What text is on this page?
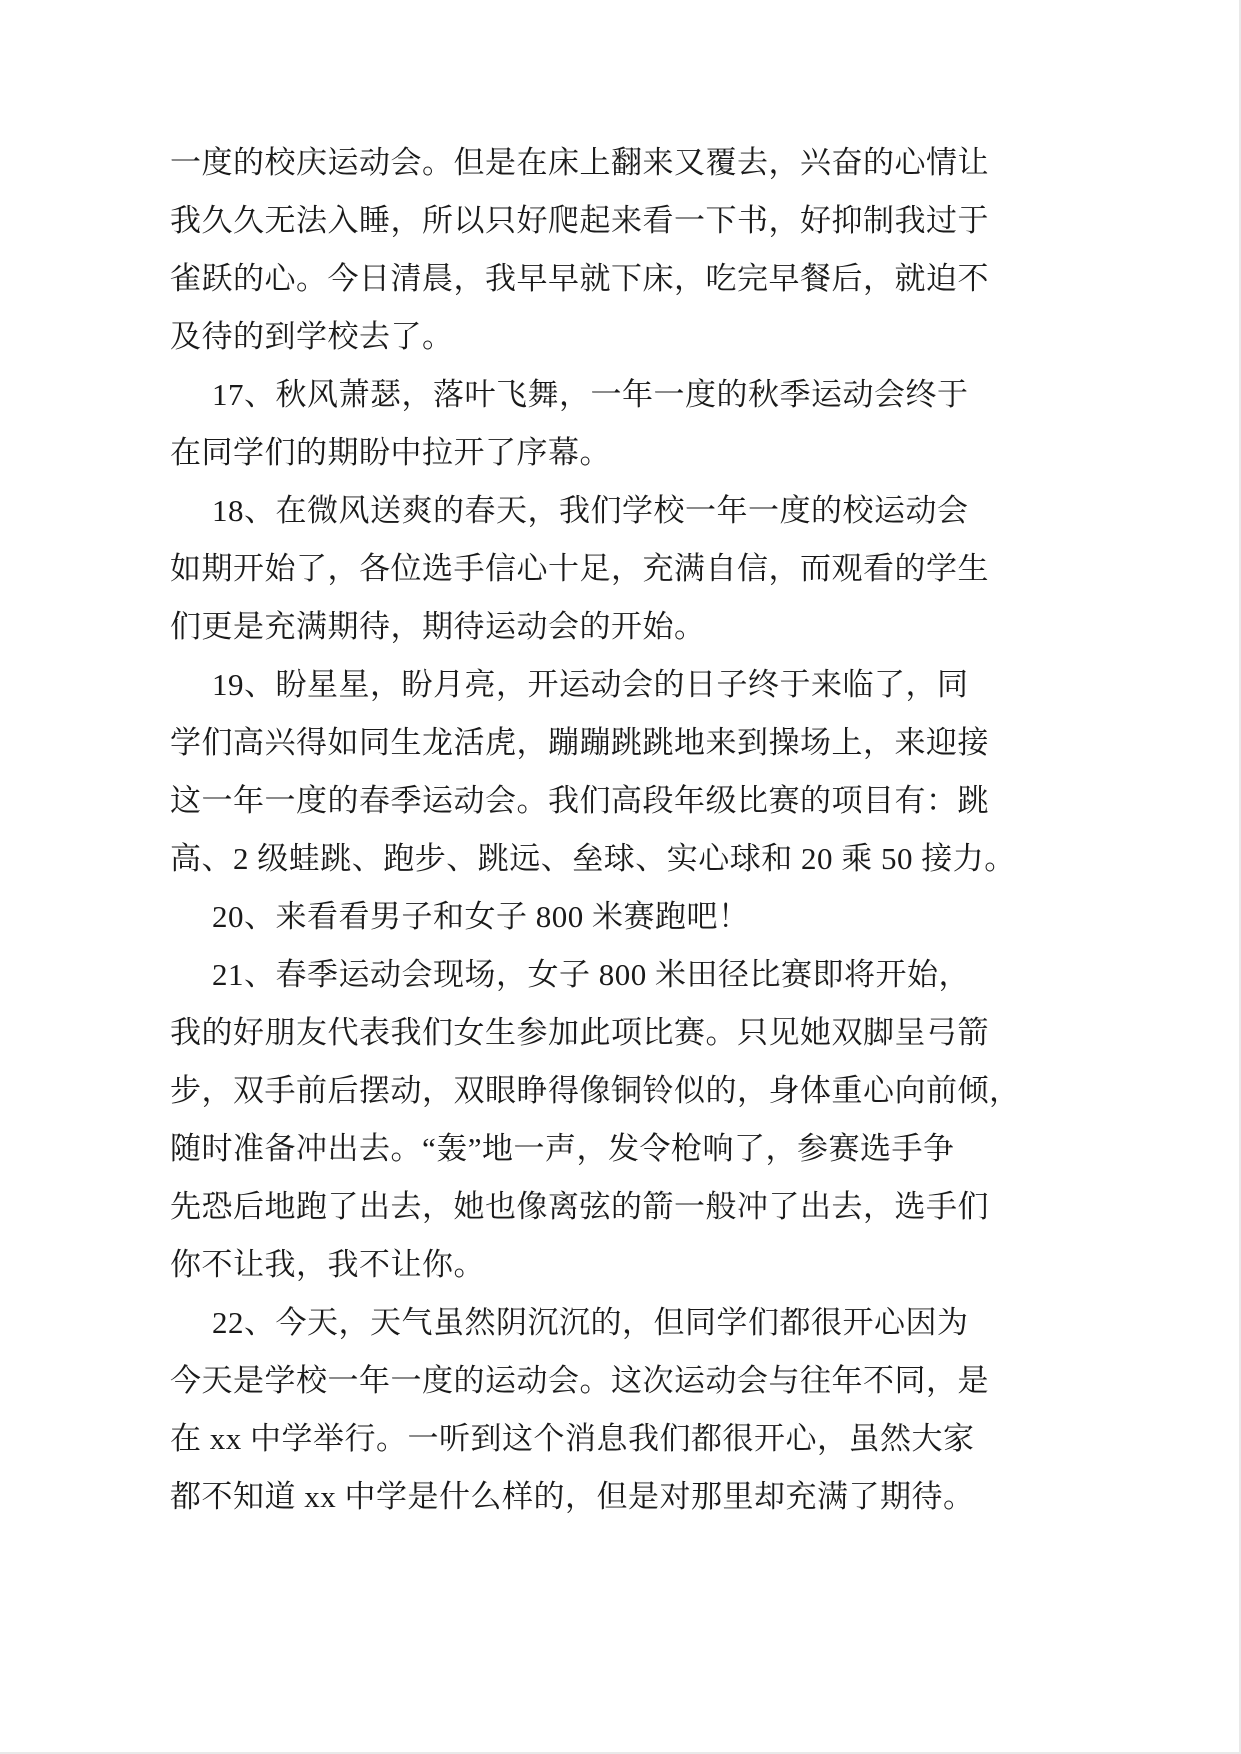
一度的校庆运动会。但是在床上翻来又覆去，兴奋的心情让
我久久无法入睡，所以只好爬起来看一下书，好抑制我过于
雀跃的心。今日清晨，我早早就下床，吃完早餐后，就迫不
及待的到学校去了。
17、秋风萧瑟，落叶飞舞，一年一度的秋季运动会终于
在同学们的期盼中拉开了序幕。
18、在微风送爽的春天，我们学校一年一度的校运动会
如期开始了，各位选手信心十足，充满自信，而观看的学生
们更是充满期待，期待运动会的开始。
19、盼星星，盼月亮，开运动会的日子终于来临了，同
学们高兴得如同生龙活虎，蹦蹦跳跳地来到操场上，来迎接
这一年一度的春季运动会。我们高段年级比赛的项目有：跳
高、2 级蛙跳、跑步、跳远、垒球、实心球和 20 乘 50 接力。
20、来看看男子和女子 800 米赛跑吧！
21、春季运动会现场，女子 800 米田径比赛即将开始，
我的好朋友代表我们女生参加此项比赛。只见她双脚呈弓箭
步，双手前后摆动，双眼睁得像铜铃似的，身体重心向前倾，
随时准备冲出去。“轰”地一声，发令枪响了，参赛选手争
先恐后地跑了出去，她也像离弦的箭一般冲了出去，选手们
你不让我，我不让你。
22、今天，天气虽然阴沉沉的，但同学们都很开心因为
今天是学校一年一度的运动会。这次运动会与往年不同，是
在 xx 中学举行。一听到这个消息我们都很开心，虽然大家
都不知道 xx 中学是什么样的，但是对那里却充满了期待。
